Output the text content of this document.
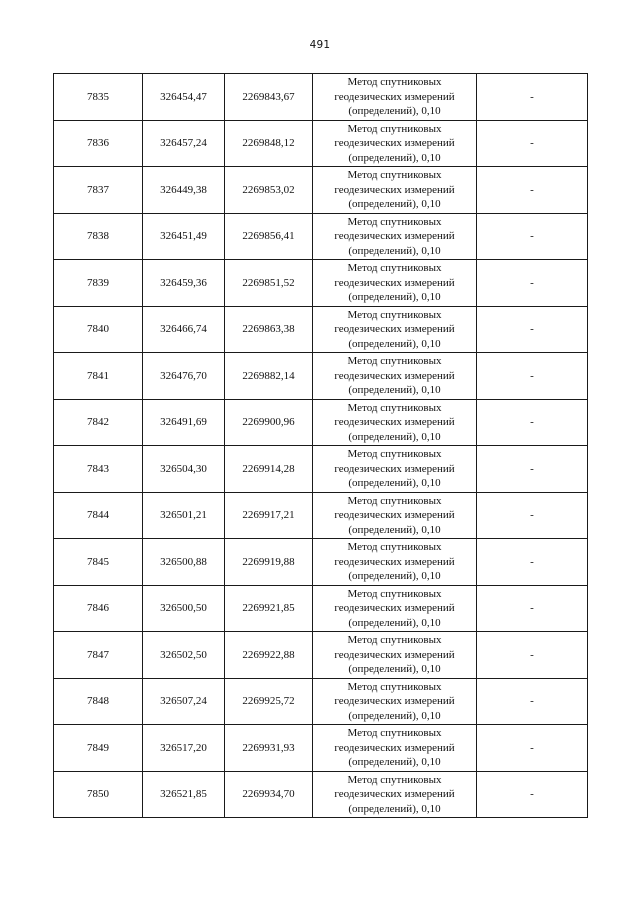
491
7835	326454,47	2269843,67	Метод спутниковых
геодезических измерений
(определений), 0,10	-
7836	326457,24	2269848,12	Метод спутниковых
геодезических измерений
(определений), 0,10	-
7837	326449,38	2269853,02	Метод спутниковых
геодезических измерений
(определений), 0,10	-
7838	326451,49	2269856,41	Метод спутниковых
геодезических измерений
(определений), 0,10	-
7839	326459,36	2269851,52	Метод спутниковых
геодезических измерений
(определений), 0,10	-
7840	326466,74	2269863,38	Метод спутниковых
геодезических измерений
(определений), 0,10	-
7841	326476,70	2269882,14	Метод спутниковых
геодезических измерений
(определений), 0,10	-
7842	326491,69	2269900,96	Метод спутниковых
геодезических измерений
(определений), 0,10	-
7843	326504,30	2269914,28	Метод спутниковых
геодезических измерений
(определений), 0,10	-
7844	326501,21	2269917,21	Метод спутниковых
геодезических измерений
(определений), 0,10	-
7845	326500,88	2269919,88	Метод спутниковых
геодезических измерений
(определений), 0,10	-
7846	326500,50	2269921,85	Метод спутниковых
геодезических измерений
(определений), 0,10	-
7847	326502,50	2269922,88	Метод спутниковых
геодезических измерений
(определений), 0,10	-
7848	326507,24	2269925,72	Метод спутниковых
геодезических измерений
(определений), 0,10	-
7849	326517,20	2269931,93	Метод спутниковых
геодезических измерений
(определений), 0,10	-
7850	326521,85	2269934,70	Метод спутниковых
геодезических измерений
(определений), 0,10	-
